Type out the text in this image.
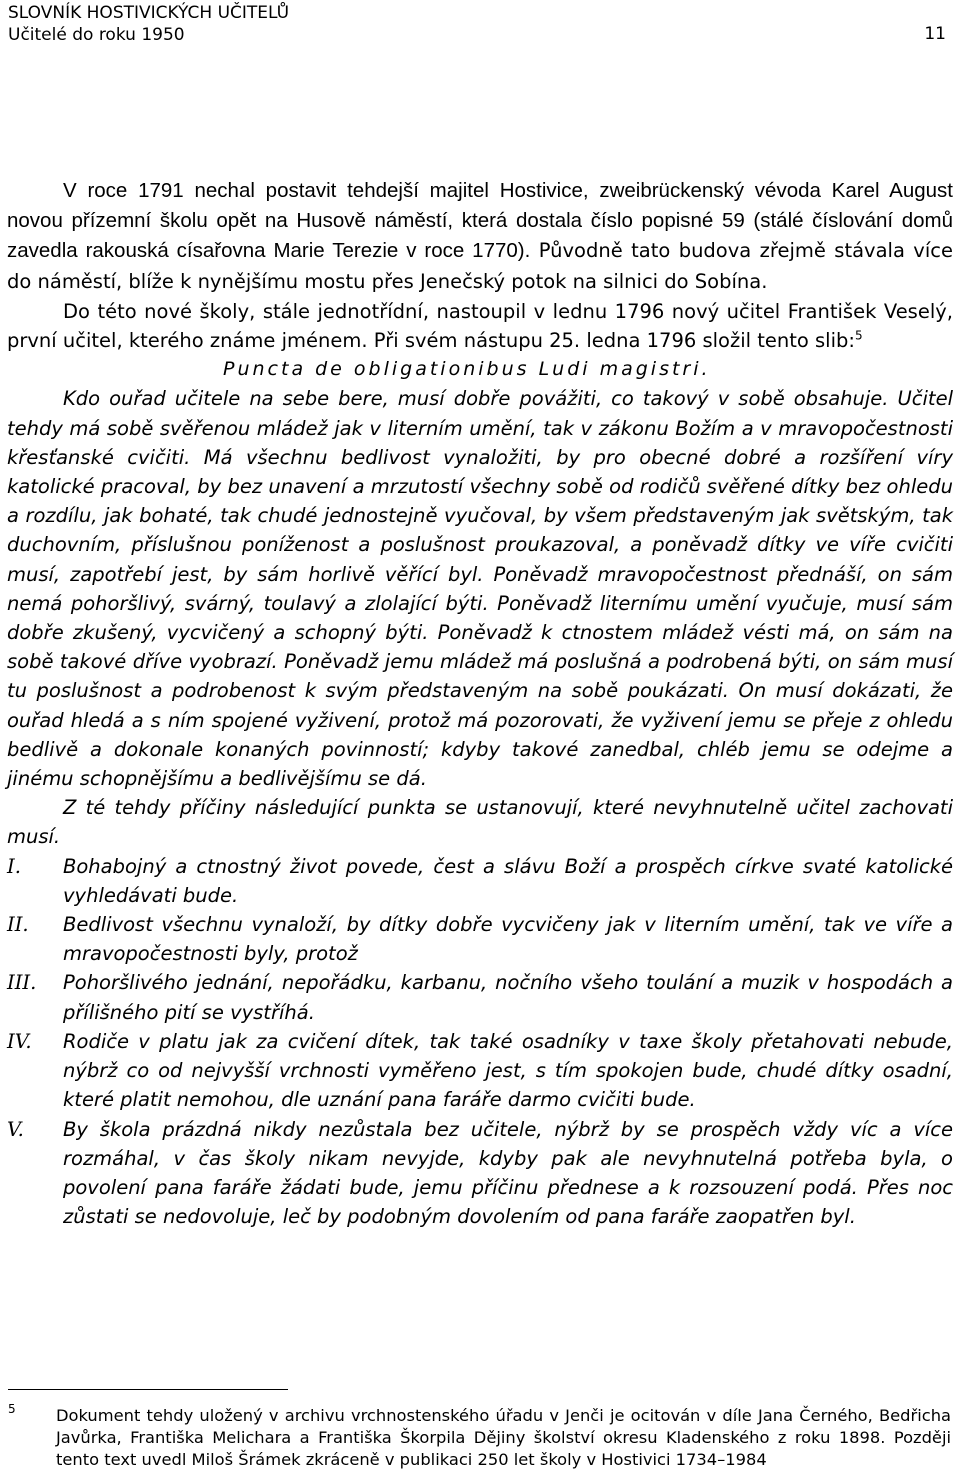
SLOVNÍK HOSTIVICKÝCH UČITELŮ
Učitelé do roku 1950	11

V roce 1791 nechal postavit tehdejší majitel Hostivice, zweibrückenský vévoda Karel August novou přízemní školu opět na Husově náměstí, která dostala číslo popisné 59 (stálé číslování domů zavedla rakouská císařovna Marie Terezie v roce 1770). Původně tato budova zřejmě stávala více do náměstí, blíže k nynějšímu mostu přes Jenečský potok na silnici do Sobína.

Do této nové školy, stále jednotřídní, nastoupil v lednu 1796 nový učitel František Veselý, první učitel, kterého známe jménem. Při svém nástupu 25. ledna 1796 složil tento slib:$^5$

Puncta de obligationibus Ludi magistri.

Kdo ouřad učitele na sebe bere, musí dobře povážiti, co takový v sobě obsahuje. Učitel tehdy má sobě svěřenou mládež jak v literním umění, tak v zákonu Božím a v mravopočestnosti křesťanské cvičiti. Má všechnu bedlivost vynaložiti, by pro obecné dobré a rozšíření víry katolické pracoval, by bez unavení a mrzutostí všechny sobě od rodičů svěřené dítky bez ohledu a rozdílu, jak bohaté, tak chudé jednostejně vyučoval, by všem představeným jak světským, tak duchovním, příslušnou poníženost a poslušnost proukazoval, a poněvadž dítky ve víře cvičiti musí, zapotřebí jest, by sám horlivě věřící byl. Poněvadž mravopočestnost přednáší, on sám nemá pohoršlivý, svárný, toulavý a zlolající býti. Poněvadž liternímu umění vyučuje, musí sám dobře zkušený, vycvičený a schopný býti. Poněvadž k ctnostem mládež vésti má, on sám na sobě takové dříve vyobrazí. Poněvadž jemu mládež má poslušná a podrobená býti, on sám musí tu poslušnost a podrobenost k svým představeným na sobě poukázati. On musí dokázati, že ouřad hledá a s ním spojené vyživení, protož má pozorovati, že vyživení jemu se přeje z ohledu bedlivě a dokonale konaných povinností; kdyby takové zanedbal, chléb jemu se odejme a jinému schopnějšímu a bedlivějšímu se dá.

Z té tehdy příčiny následující punkta se ustanovují, které nevyhnutelně učitel zachovati musí.

I.	Bohabojný a ctnostný život povede, čest a slávu Boží a prospěch církve svaté katolické vyhledávati bude.
II.	Bedlivost všechnu vynaloží, by dítky dobře vycvičeny jak v literním umění, tak ve víře a mravopočestnosti byly, protož
III.	Pohoršlivého jednání, nepořádku, karbanu, nočního všeho toulání a muzik v hospodách a přílišného pití se vystříhá.
IV.	Rodiče v platu jak za cvičení dítek, tak také osadníky v taxe školy přetahovati nebude, nýbrž co od nejvyšší vrchnosti vyměřeno jest, s tím spokojen bude, chudé dítky osadní, které platit nemohou, dle uznání pana faráře darmo cvičiti bude.
V.	By škola prázdná nikdy nezůstala bez učitele, nýbrž by se prospěch vždy víc a více rozmáhal, v čas školy nikam nevyjde, kdyby pak ale nevyhnutelná potřeba byla, o povolení pana faráře žádati bude, jemu příčinu přednese a k rozsouzení podá. Přes noc zůstati se nedovoluje, leč by podobným dovolením od pana faráře zaopatřen byl.
5 Dokument tehdy uložený v archivu vrchnostenského úřadu v Jenči je ocitován v díle Jana Černého, Bedřicha Javůrka, Františka Melichara a Františka Škorpila Dějiny školství okresu Kladenského z roku 1898. Později tento text uvedl Miloš Šrámek zkráceně v publikaci 250 let školy v Hostivici 1734–1984
